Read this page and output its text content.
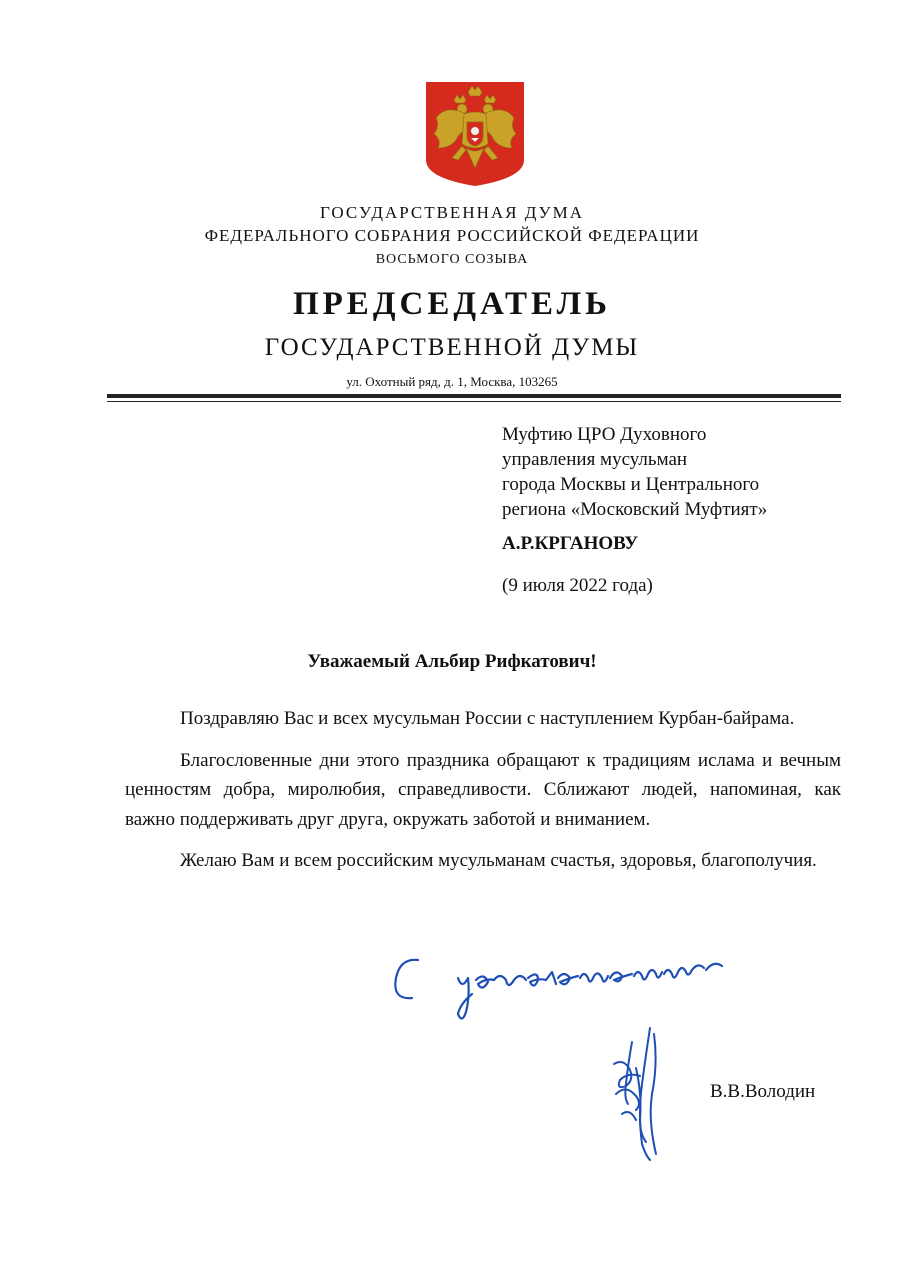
ГОСУДАРСТВЕННАЯ ДУМА
ФЕДЕРАЛЬНОГО СОБРАНИЯ РОССИЙСКОЙ ФЕДЕРАЦИИ
ВОСЬМОГО СОЗЫВА
ПРЕДСЕДАТЕЛЬ
ГОСУДАРСТВЕННОЙ ДУМЫ
ул. Охотный ряд, д. 1, Москва, 103265
Муфтию ЦРО Духовного
управления мусульман
города Москвы и Центрального
региона «Московский Муфтият»
А.Р.КРГАНОВУ
(9 июля 2022 года)
Уважаемый Альбир Рифкатович!

Поздравляю Вас и всех мусульман России с наступлением Курбан-байрама.

Благословенные дни этого праздника обращают к традициям ислама и вечным ценностям добра, миролюбия, справедливости. Сближают людей, напоминая, как важно поддерживать друг друга, окружать заботой и вниманием.

Желаю Вам и всем российским мусульманам счастья, здоровья, благополучия.

В.В.Володин
